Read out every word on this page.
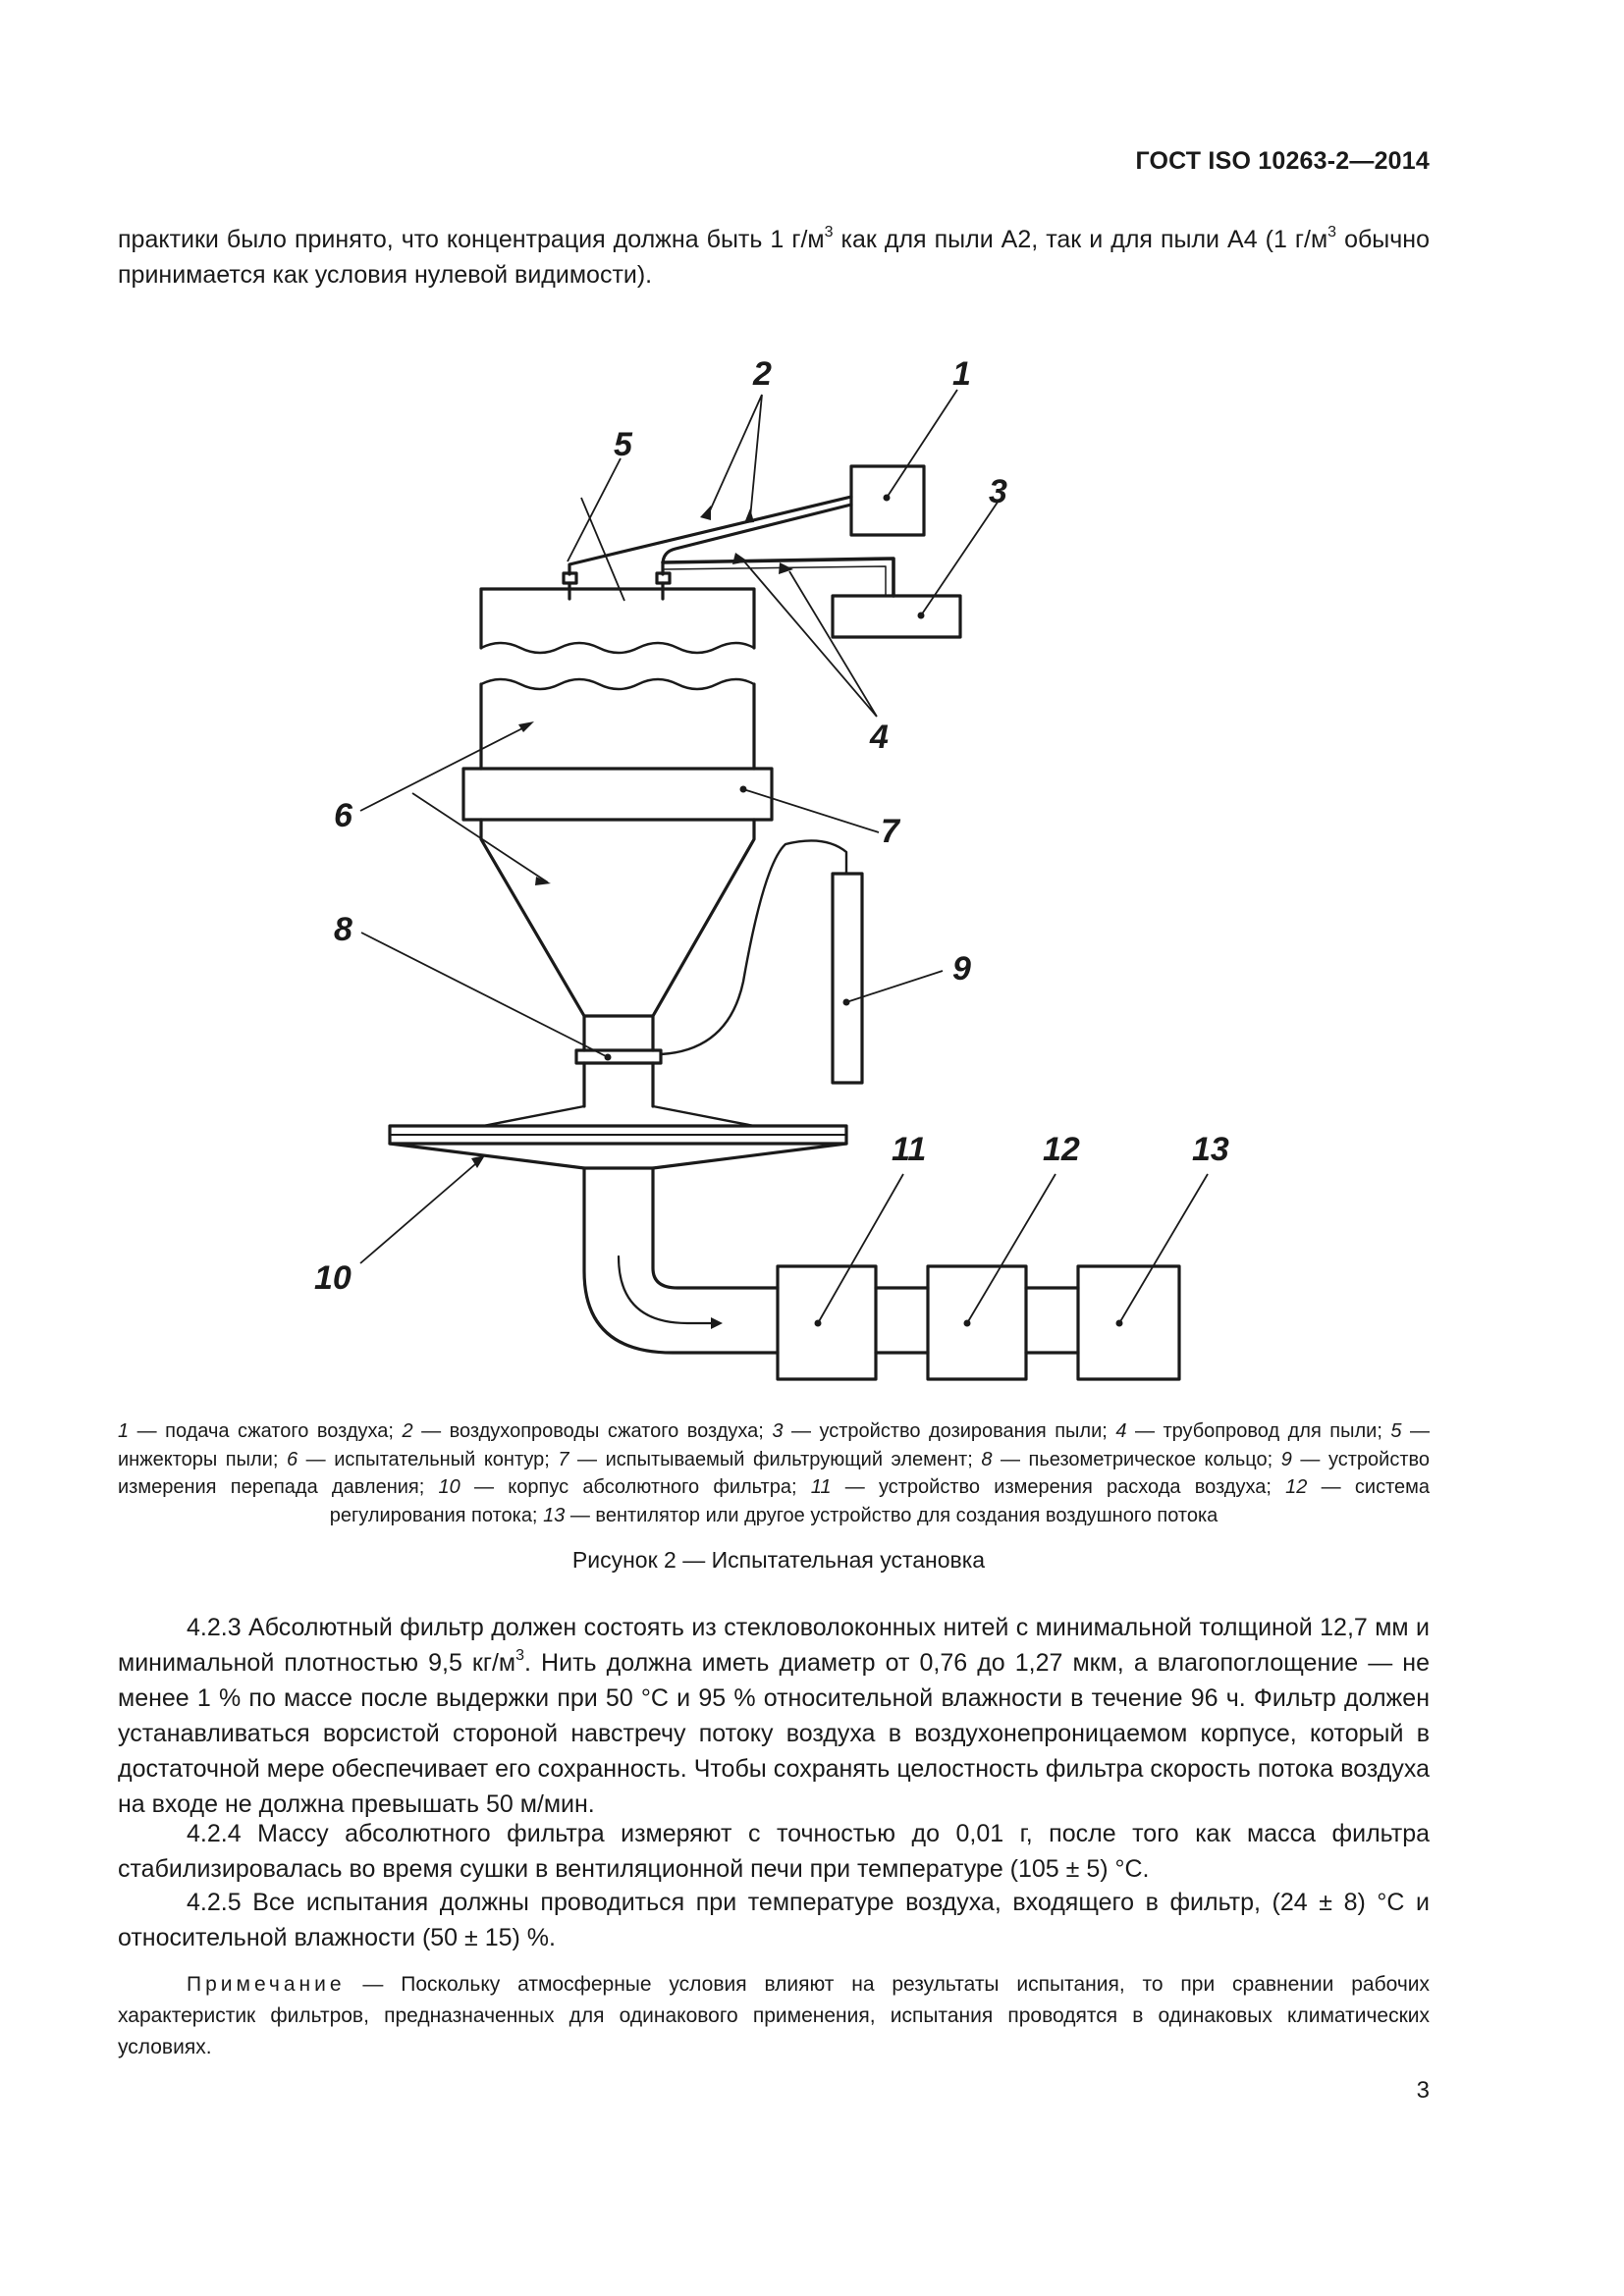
ГОСТ ISO 10263-2—2014
практики было принято, что концентрация должна быть 1 $г/м^3$ как для пыли А2, так и для пыли А4 (1 $г/м^3$ обычно принимается как условия нулевой видимости).
1
2
3
4
5
6	7
8
9
10
11	12	13
1 — подача сжатого воздуха; 2 — воздухопроводы сжатого воздуха; 3 — устройство дозирования пыли; 4 — трубопровод для пыли; 5 — инжекторы пыли; 6 — испытательный контур; 7 — испытываемый фильтрующий элемент; 8 — пьезометрическое кольцо; 9 — устройство измерения перепада давления; 10 — корпус абсолютного фильтра; 11 — устройство измерения расхода воздуха; 12 — система регулирования потока; 13 — вентилятор или другое устройство для создания воздушного потока
Рисунок 2 — Испытательная установка
4.2.3 Абсолютный фильтр должен состоять из стекловолоконных нитей с минимальной толщиной 12,7 мм и минимальной плотностью 9,5 $кг/м^3$. Нить должна иметь диаметр от 0,76 до 1,27 мкм, а влагопоглощение — не менее 1 % по массе после выдержки при 50 °С и 95 % относительной влажности в течение 96 ч. Фильтр должен устанавливаться ворсистой стороной навстречу потоку воздуха в воздухонепроницаемом корпусе, который в достаточной мере обеспечивает его сохранность. Чтобы сохранять целостность фильтра скорость потока воздуха на входе не должна превышать 50 м/мин.
4.2.4 Массу абсолютного фильтра измеряют с точностью до 0,01 г, после того как масса фильтра стабилизировалась во время сушки в вентиляционной печи при температуре (105 ± 5) °С.
4.2.5 Все испытания должны проводиться при температуре воздуха, входящего в фильтр, (24 ± 8) °С и относительной влажности (50 ± 15) %.
Примечание — Поскольку атмосферные условия влияют на результаты испытания, то при сравнении рабочих характеристик фильтров, предназначенных для одинакового применения, испытания проводятся в одинаковых климатических условиях.
3
